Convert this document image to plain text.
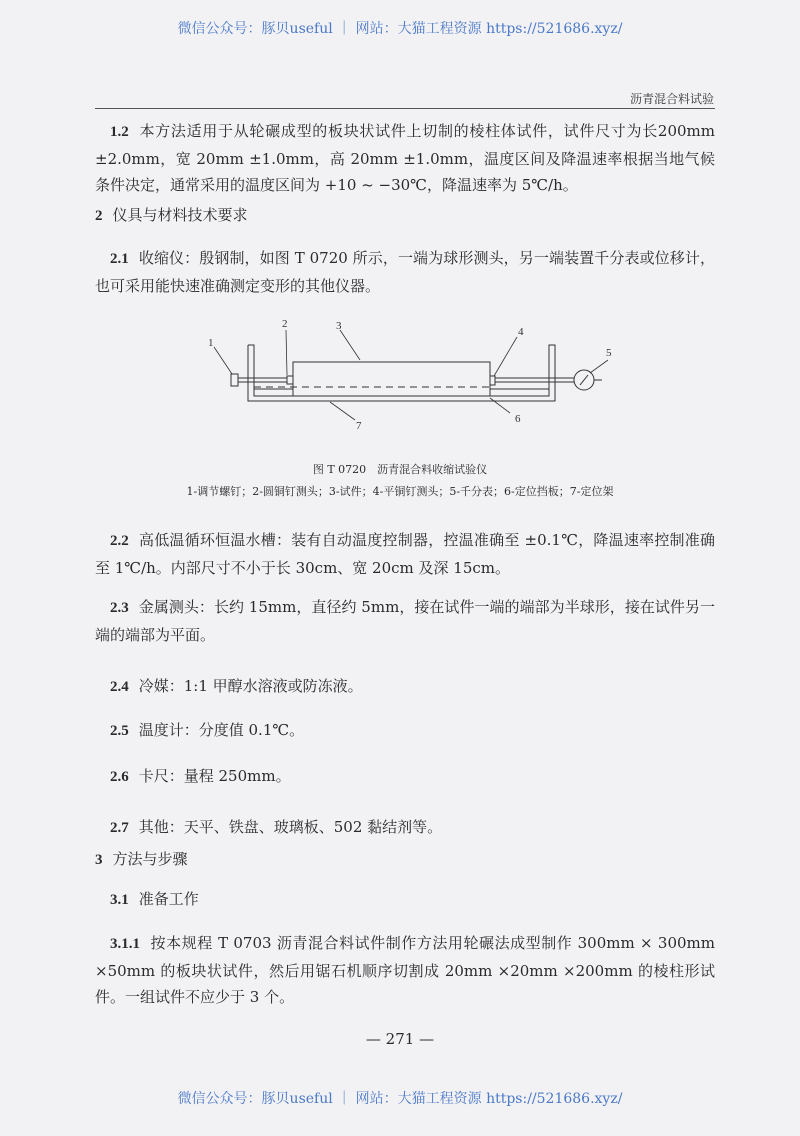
微信公众号：豚贝useful ｜ 网站：大猫工程资源 https://521686.xyz/
沥青混合料试验
1.2 本方法适用于从轮碾成型的板块状试件上切制的棱柱体试件，试件尺寸为长200mm ±2.0mm，宽 20mm ±1.0mm，高 20mm ±1.0mm，温度区间及降温速率根据当地气候条件决定，通常采用的温度区间为 +10 ~ −30℃，降温速率为 5℃/h。
2 仪具与材料技术要求
2.1 收缩仪：殷钢制，如图 T 0720 所示，一端为球形测头，另一端装置千分表或位移计，也可采用能快速准确测定变形的其他仪器。
1
2	3	4
5
6
7
图 T 0720　沥青混合料收缩试验仪
1-调节螺钉；2-圆铜钉测头；3-试件；4-平铜钉测头；5-千分表；6-定位挡板；7-定位架
2.2 高低温循环恒温水槽：装有自动温度控制器，控温准确至 ±0.1℃，降温速率控制准确至 1℃/h。内部尺寸不小于长 30cm、宽 20cm 及深 15cm。
2.3 金属测头：长约 15mm，直径约 5mm，接在试件一端的端部为半球形，接在试件另一端的端部为平面。
2.4 冷媒：1:1 甲醇水溶液或防冻液。
2.5 温度计：分度值 0.1℃。
2.6 卡尺：量程 250mm。
2.7 其他：天平、铁盘、玻璃板、502 黏结剂等。
3 方法与步骤
3.1 准备工作
3.1.1 按本规程 T 0703 沥青混合料试件制作方法用轮碾法成型制作 300mm × 300mm ×50mm 的板块状试件，然后用锯石机顺序切割成 20mm ×20mm ×200mm 的棱柱形试件。一组试件不应少于 3 个。
— 271 —
微信公众号：豚贝useful ｜ 网站：大猫工程资源 https://521686.xyz/
